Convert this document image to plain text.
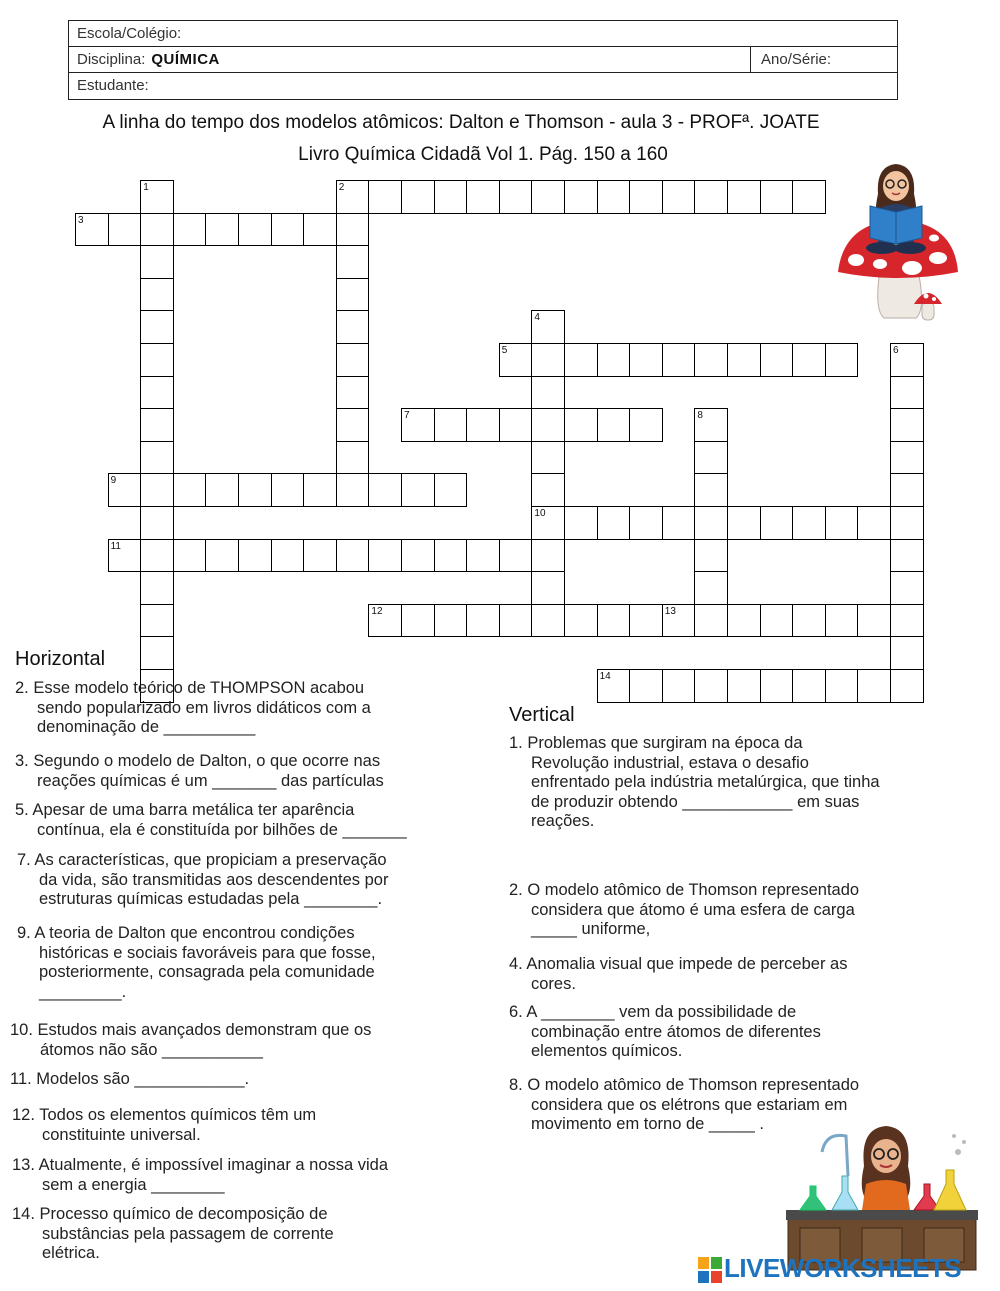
Escola/Colégio:
Disciplina: QUÍMICA	Ano/Série:
Estudante:
A linha do tempo dos modelos atômicos: Dalton e Thomson - aula 3 - PROFª. JOATE
Livro Química Cidadã Vol 1. Pág. 150 a 160
1	2
3
4
5	6
7	8
9
10
11
12	13
14
Horizontal
2. Esse modelo teórico de THOMPSON acabou
sendo popularizado em livros didáticos com a
denominação de __________
3. Segundo o modelo de Dalton, o que ocorre nas
reações químicas é um _______ das partículas
5. Apesar de uma barra metálica ter aparência
contínua, ela é constituída por bilhões de _______
7. As características, que propiciam a preservação
da vida, são transmitidas aos descendentes por
estruturas químicas estudadas pela ________.
9. A teoria de Dalton que encontrou condições
históricas e sociais favoráveis para que fosse,
posteriormente, consagrada pela comunidade
_________.
10. Estudos mais avançados demonstram que os
átomos não são ___________
11. Modelos são ____________.
12. Todos os elementos químicos têm um
constituinte universal.
13. Atualmente, é impossível imaginar a nossa vida
sem a energia ________
14. Processo químico de decomposição de
substâncias pela passagem de corrente
elétrica.
Vertical
1. Problemas que surgiram na época da
Revolução industrial, estava o desafio
enfrentado pela indústria metalúrgica, que tinha
de produzir obtendo ____________ em suas
reações.
2. O modelo atômico de Thomson representado
considera que átomo é uma esfera de carga
_____ uniforme,
4. Anomalia visual que impede de perceber as
cores.
6. A ________ vem da possibilidade de
combinação entre átomos de diferentes
elementos químicos.
8. O modelo atômico de Thomson representado
considera que os elétrons que estariam em
movimento em torno de _____ .
LIVEWORKSHEETS
